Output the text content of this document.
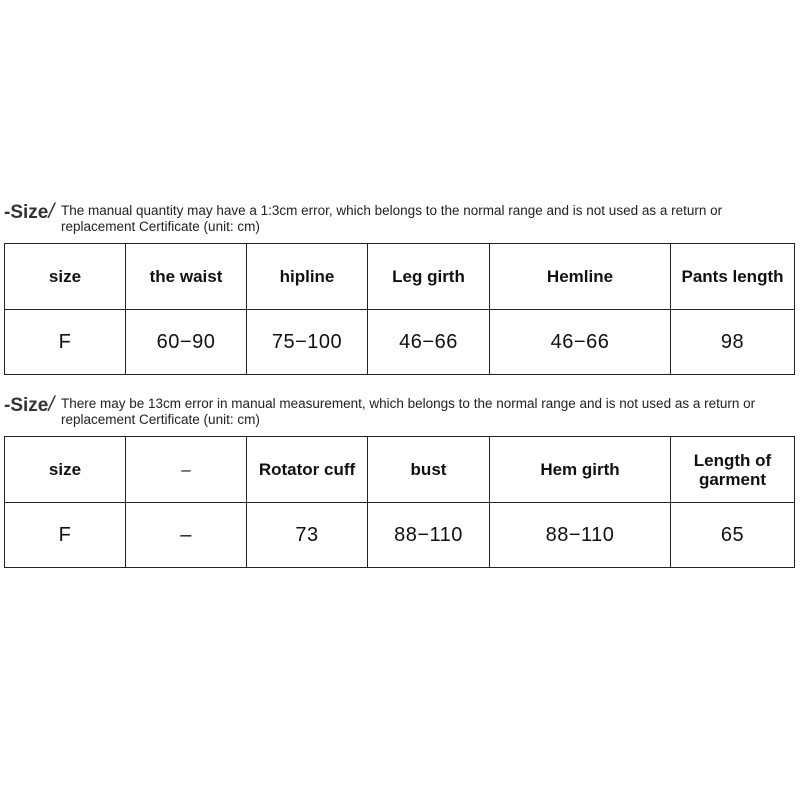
-Size/ The manual quantity may have a 1:3cm error, which belongs to the normal range and is not used as a return or replacement Certificate (unit: cm)
size	the waist	hipline	Leg girth	Hemline	Pants length
F	60−90	75−100	46−66	46−66	98
-Size/ There may be 13cm error in manual measurement, which belongs to the normal range and is not used as a return or replacement Certificate (unit: cm)
size	–	Rotator cuff	bust	Hem girth	Length of garment
F	–	73	88−110	88−110	65
